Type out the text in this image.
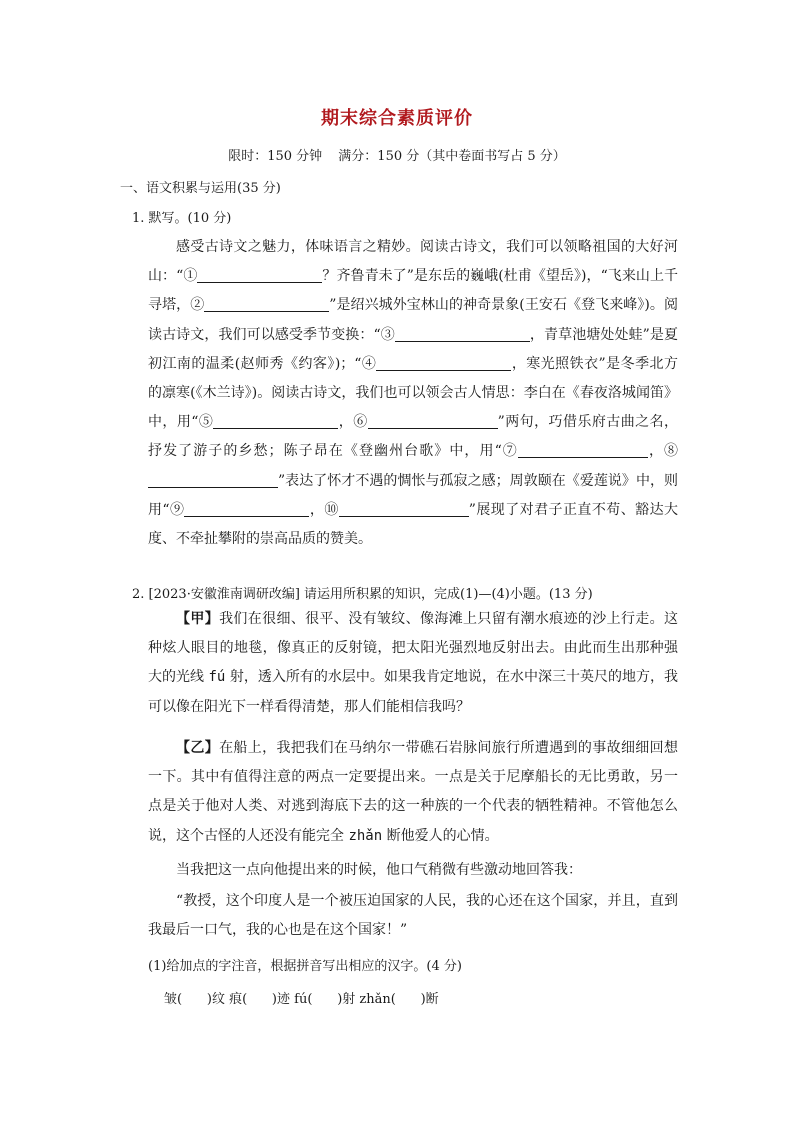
期末综合素质评价
限时：150 分钟 满分：150 分（其中卷面书写占 5 分）
一、语文积累与运用(35 分)
1. 默写。(10 分)
感受古诗文之魅力，体味语言之精妙。阅读古诗文，我们可以领略祖国的大好河山：“①	？齐鲁青未了”是东岳的巍峨(杜甫《望岳》)，“飞来山上千寻塔，②	”是绍兴城外宝林山的神奇景象(王安石《登飞来峰》)。阅读古诗文，我们可以感受季节变换：“③	，青草池塘处处蛙”是夏初江南的温柔(赵师秀《约客》)；“④	，寒光照铁衣”是冬季北方的凛寒(《木兰诗》)。阅读古诗文，我们也可以领会古人情思：李白在《春夜洛城闻笛》中，用“⑤	，⑥	”两句，巧借乐府古曲之名，抒发了游子的乡愁；陈子昂在《登幽州台歌》中，用“⑦	，⑧”表达了怀才不遇的惆怅与孤寂之感；周敦颐在《爱莲说》中，则用“⑨	，⑩	”展现了对君子正直不苟、豁达大度、不牵扯攀附的崇高品质的赞美。
2. [2023·安徽淮南调研改编] 请运用所积累的知识，完成(1)—(4)小题。(13 分)
【甲】我们在很细、很平、没有皱纹、像海滩上只留有潮水痕迹的沙上行走。这种炫人眼目的地毯，像真正的反射镜，把太阳光强烈地反射出去。由此而生出那种强大的光线 fú 射，透入所有的水层中。如果我肯定地说，在水中深三十英尺的地方，我可以像在阳光下一样看得清楚，那人们能相信我吗？
【乙】在船上，我把我们在马纳尔一带礁石岩脉间旅行所遭遇到的事故细细回想一下。其中有值得注意的两点一定要提出来。一点是关于尼摩船长的无比勇敢，另一点是关于他对人类、对逃到海底下去的这一种族的一个代表的牺牲精神。不管他怎么说，这个古怪的人还没有能完全 zhǎn 断他爱人的心情。
当我把这一点向他提出来的时候，他口气稍微有些激动地回答我：
“教授，这个印度人是一个被压迫国家的人民，我的心还在这个国家，并且，直到我最后一口气，我的心也是在这个国家！”
(1)给加点的字注音，根据拼音写出相应的汉字。(4 分)
皱(      )纹 痕(      )迹 fú(      )射 zhǎn(      )断
